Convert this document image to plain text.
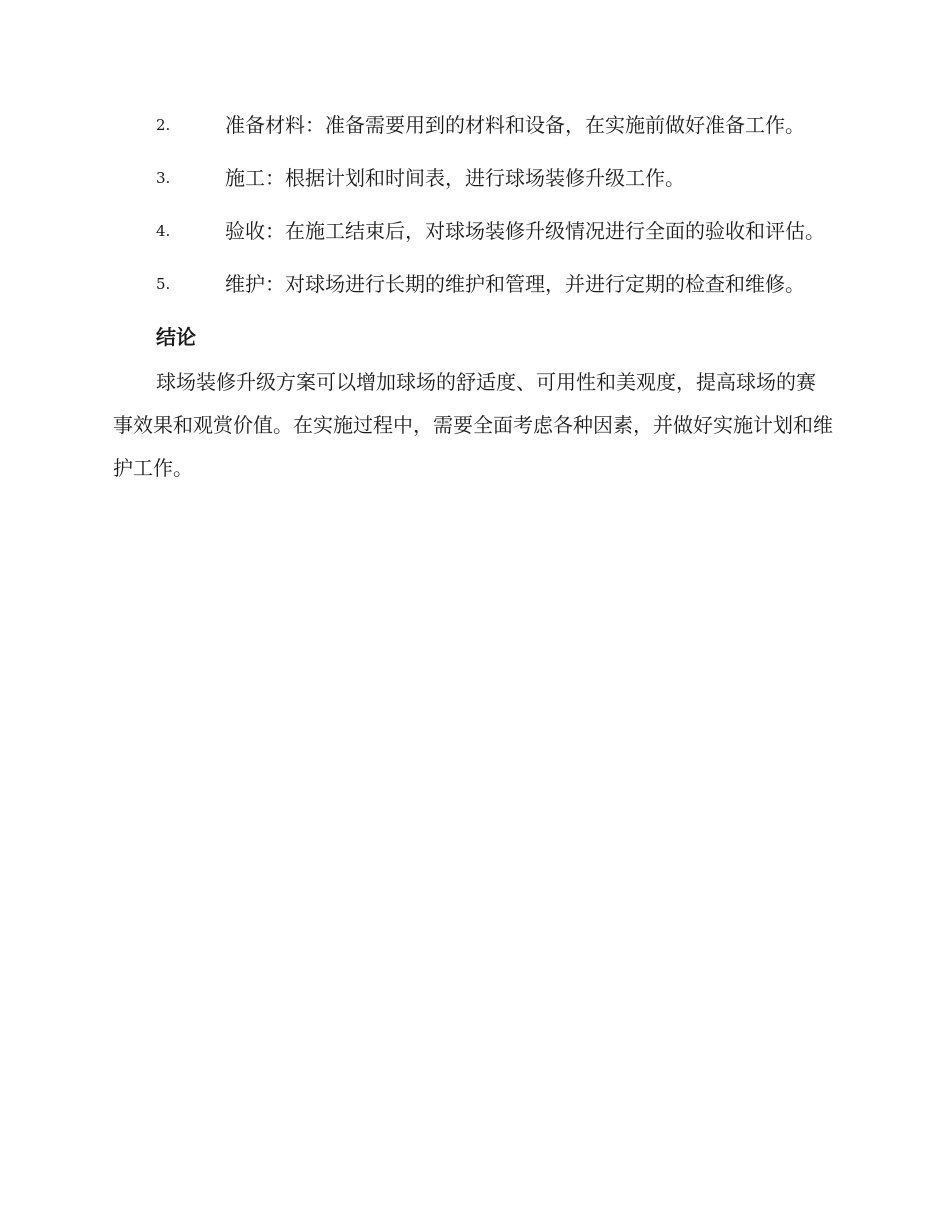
2.	准备材料：准备需要用到的材料和设备，在实施前做好准备工作。
3.	施工：根据计划和时间表，进行球场装修升级工作。
4.	验收：在施工结束后，对球场装修升级情况进行全面的验收和评估。
5.	维护：对球场进行长期的维护和管理，并进行定期的检查和维修。
结论

球场装修升级方案可以增加球场的舒适度、可用性和美观度，提高球场的赛事效果和观赏价值。在实施过程中，需要全面考虑各种因素，并做好实施计划和维护工作。
